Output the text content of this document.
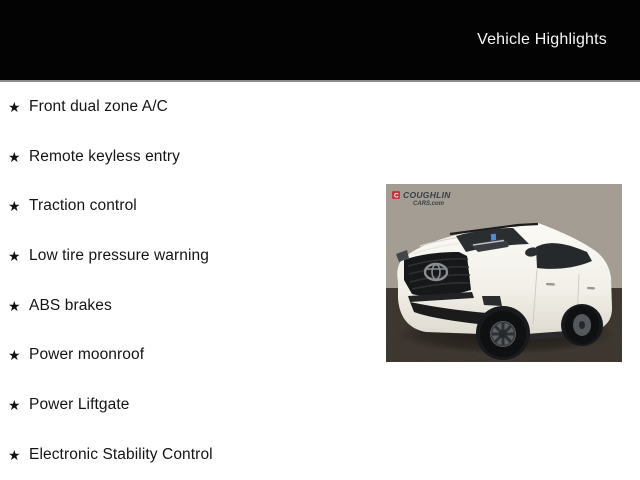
Vehicle Highlights
★ Front dual zone A/C
★ Remote keyless entry
★ Traction control
★ Low tire pressure warning
★ ABS brakes
★ Power moonroof
★ Power Liftgate
★ Electronic Stability Control
C COUGHLIN
CARS.com
